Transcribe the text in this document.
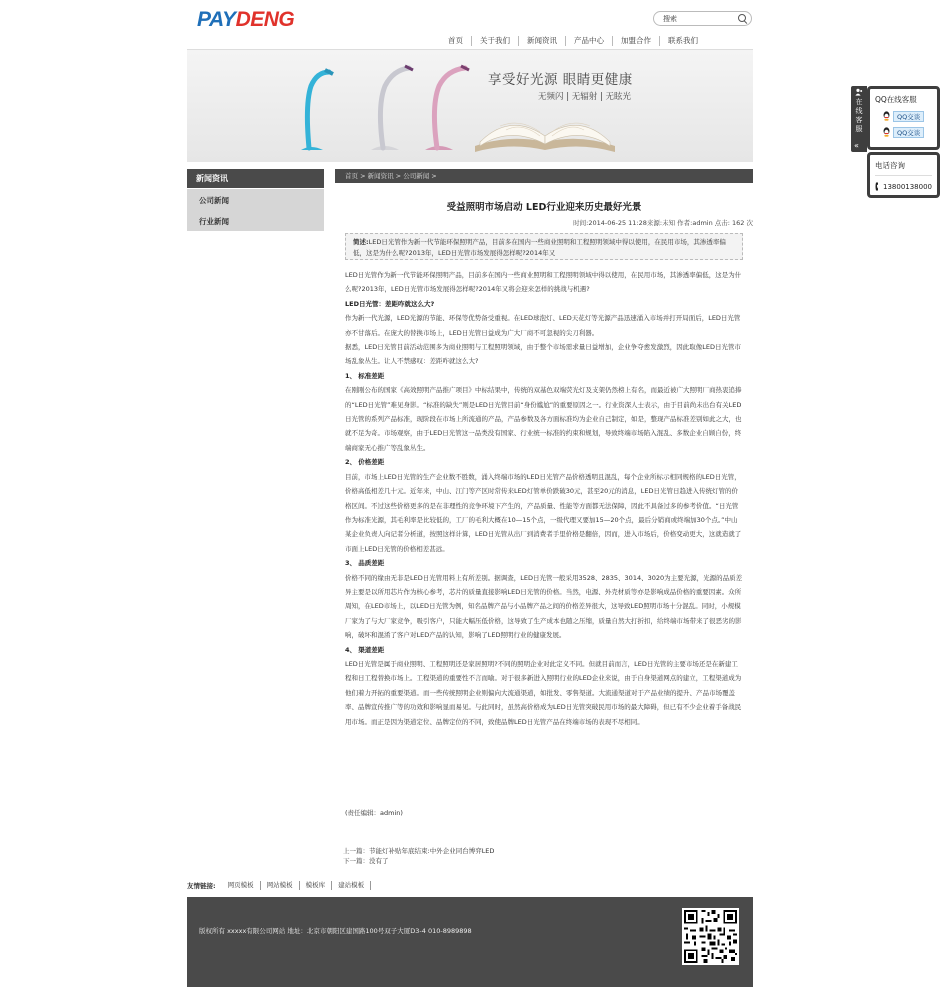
PAYDENG
搜索
首页	关于我们	新闻资讯	产品中心	加盟合作	联系我们
享受好光源 眼睛更健康
无频闪 | 无辐射 | 无眩光
新闻资讯
公司新闻
行业新闻
首页 > 新闻资讯 > 公司新闻 >
受益照明市场启动 LED行业迎来历史最好光景
时间:2014-06-25 11:28来源:未知 作者:admin 点击: 162 次
简述:LED日光管作为新一代节能环保照明产品，目前多在国内一些商业照明和工程照明领域中得以使用，在民用市场，其渗透率偏低，这是为什么呢?2013年，LED日光管市场发展得怎样呢?2014年又

LED日光管作为新一代节能环保照明产品，目前多在国内一些商业照明和工程照明领域中得以使用，在民用市场，其渗透率偏低，这是为什么呢?2013年，LED日光管市场发展得怎样呢?2014年又将会迎来怎样的挑战与机遇?

LED日光管：差距咋就这么大?

作为新一代光源，LED光源的节能、环保等优势备受重视。在LED球泡灯、LED天花灯等光源产品迅速涌入市场并打开局面后，LED日光管亦不甘落后。在庞大的替换市场上，LED日光管日益成为广大厂商不可忽视的尖刀利器。

据悉，LED日光管目前活动范围多为商业照明与工程照明领域，由于整个市场需求量日益增加，企业争夺愈发激烈，因此取像LED日光管市场乱象丛生。让人不禁感叹：差距咋就这么大?

1、 标准差距

在刚刚公布的国家《高效照明产品推广项目》中标结果中，传统的双基色双端荧光灯及支架仍然榜上有名，而最近被广大照明厂商热衷追捧的“LED日光管”难见身影。“标准的缺失”则是LED日光管目前“身份尴尬”的重要原因之一。行业资深人士表示，由于目前尚未出台有关LED日光管的系列产品标准，现阶段在市场上所流通的产品，产品参数及各方面标准均为企业自己制定，如是，整现产品标准差别如此之大，也就不足为奇。市场观察，由于LED日光管这一品类没有国家、行业统一标准的约束和规划，导致终端市场陷入混乱、多数企业自顾自份，终端商家无心推广等乱象丛生。

2、 价格差距

目前，市场上LED日光管的生产企业数不胜数，涌入终端市场的LED日光管产品价格透明且混乱，每个企业所标示相同规格的LED日光管，价格高低相差几十元。近年来，中山、江门等产区时常传来LED灯管单价跌破30元，甚至20元的消息，LED日光管日趋进入传统灯管的价格区间。不过这些价格更多的是在非理性的竞争环境下产生的，产品质量、性能等方面都无法保障，因此不具备过多的参考价值。“日光管作为标准光源，其毛利率是比较低的，工厂的毛利大概在10—15个点，一级代理又要加15—20个点，最后分销商或终端加30个点。”中山某企业负责人向记者分析道，按照这样计算，LED日光管从出厂到消费者手里价格是翻倍，因而，进入市场后，价格变动更大，这就造就了市面上LED日光管的价格相差甚远。

3、 品质差距

价格不同的缘由无非是LED日光管用料上有所差别。据调查，LED日光管一般采用3528、2835、3014、3020为主要光源，光源的品质差异主要是以所用芯片作为核心参考，芯片的质量直接影响LED日光管的价格。当然，电源、外壳材质等亦是影响成品价格的重要因素。众所周知，在LED市场上，以LED日光管为例，知名品牌产品与小品牌产品之间的价格差异很大，这导致LED照明市场十分混乱。同时，小规模厂家为了与大厂家竞争，吸引客户，只能大幅压低价格，这导致了生产成本也随之压缩，质量自然大打折扣，给终端市场带来了很恶劣的影响，破坏和混淆了客户对LED产品的认知，影响了LED照明行业的健康发展。

4、 渠道差距

LED日光管是属于商业照明、工程照明还是家居照明?不同的照明企业对此定义不同。但就目前而言，LED日光管的主要市场还是在新建工程和日工程替换市场上。工程渠道的重要性不言而喻。对于很多新进入照明行业的LED企业来说，由于自身渠道网点的建立，工程渠道成为他们着力开拓的重要渠道。而一些传统照明企业则偏向大流通渠道，如批发、零售渠道。大流通渠道对于产品业绩的提升、产品市场覆盖率、品牌宣传推广等的功效和影响显而易见。与此同时，虽然高价格成为LED日光管突破民用市场的最大障碍，但已有不少企业着手备战民用市场。而正是因为渠道定位、品牌定位的不同，致使品牌LED日光管产品在终端市场的表现不尽相同。

(责任编辑：admin)
上一篇：节能灯补贴年底结束:中外企业同台博弈LED
下一篇：没有了
友情链接:	网页模板	网站模板	模板库	建站模板
版权所有 xxxxx有限公司网站 地址：北京市朝阳区建国路100号双子大厦D3-4 010-8989898
在线客服
«
QQ在线客服
QQ交谈
QQ交谈
电话咨询
13800138000
